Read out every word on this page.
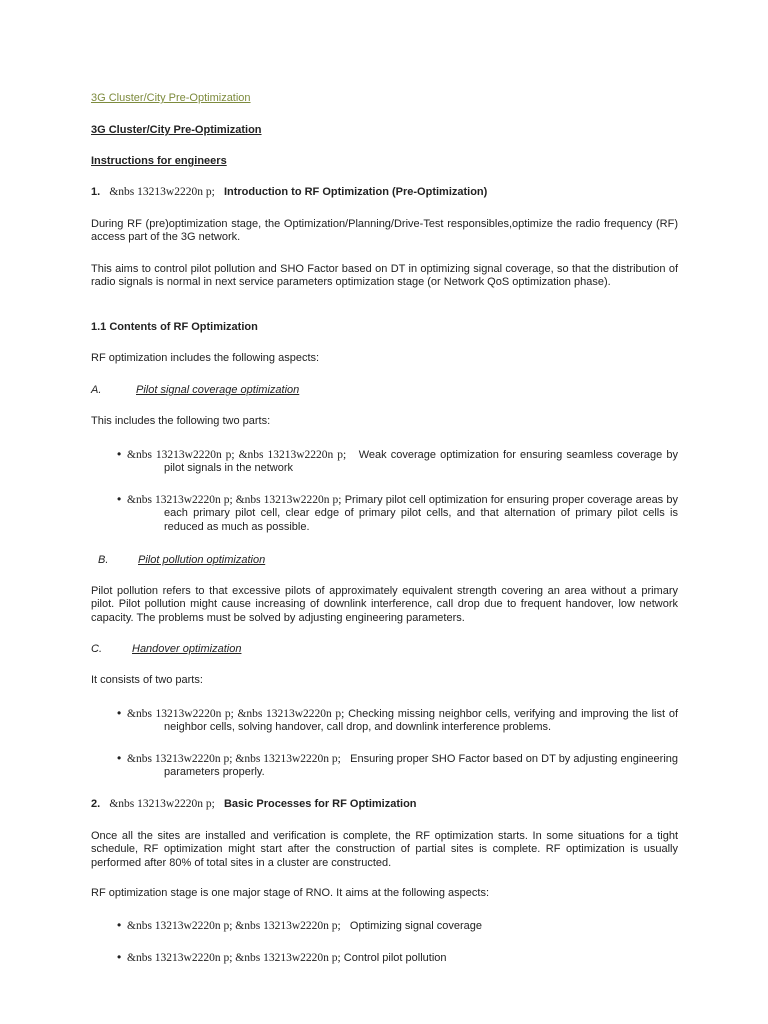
3G Cluster/City Pre-Optimization

3G Cluster/City Pre-Optimization

Instructions for engineers

1. &nbs 13213w2220n p; Introduction to RF Optimization (Pre-Optimization)

During RF (pre)optimization stage, the Optimization/Planning/Drive-Test responsibles,optimize the radio frequency (RF) access part of the 3G network.

This aims to control pilot pollution and SHO Factor based on DT in optimizing signal coverage, so that the distribution of radio signals is normal in next service parameters optimization stage (or Network QoS optimization phase).

1.1 Contents of RF Optimization

RF optimization includes the following aspects:

A.	Pilot signal coverage optimization

This includes the following two parts:

• &nbs 13213w2220n p; &nbs 13213w2220n p; Weak coverage optimization for ensuring seamless coverage by pilot signals in the network
• &nbs 13213w2220n p; &nbs 13213w2220n p; Primary pilot cell optimization for ensuring proper coverage areas by each primary pilot cell, clear edge of primary pilot cells, and that alternation of primary pilot cells is reduced as much as possible.

B.	Pilot pollution optimization

Pilot pollution refers to that excessive pilots of approximately equivalent strength covering an area without a primary pilot. Pilot pollution might cause increasing of downlink interference, call drop due to frequent handover, low network capacity. The problems must be solved by adjusting engineering parameters.

C.	Handover optimization

It consists of two parts:

• &nbs 13213w2220n p; &nbs 13213w2220n p; Checking missing neighbor cells, verifying and improving the list of neighbor cells, solving handover, call drop, and downlink interference problems.
• &nbs 13213w2220n p; &nbs 13213w2220n p; Ensuring proper SHO Factor based on DT by adjusting engineering parameters properly.

2. &nbs 13213w2220n p; Basic Processes for RF Optimization

Once all the sites are installed and verification is complete, the RF optimization starts. In some situations for a tight schedule, RF optimization might start after the construction of partial sites is complete. RF optimization is usually performed after 80% of total sites in a cluster are constructed.

RF optimization stage is one major stage of RNO. It aims at the following aspects:

• &nbs 13213w2220n p; &nbs 13213w2220n p; Optimizing signal coverage
• &nbs 13213w2220n p; &nbs 13213w2220n p; Control pilot pollution
